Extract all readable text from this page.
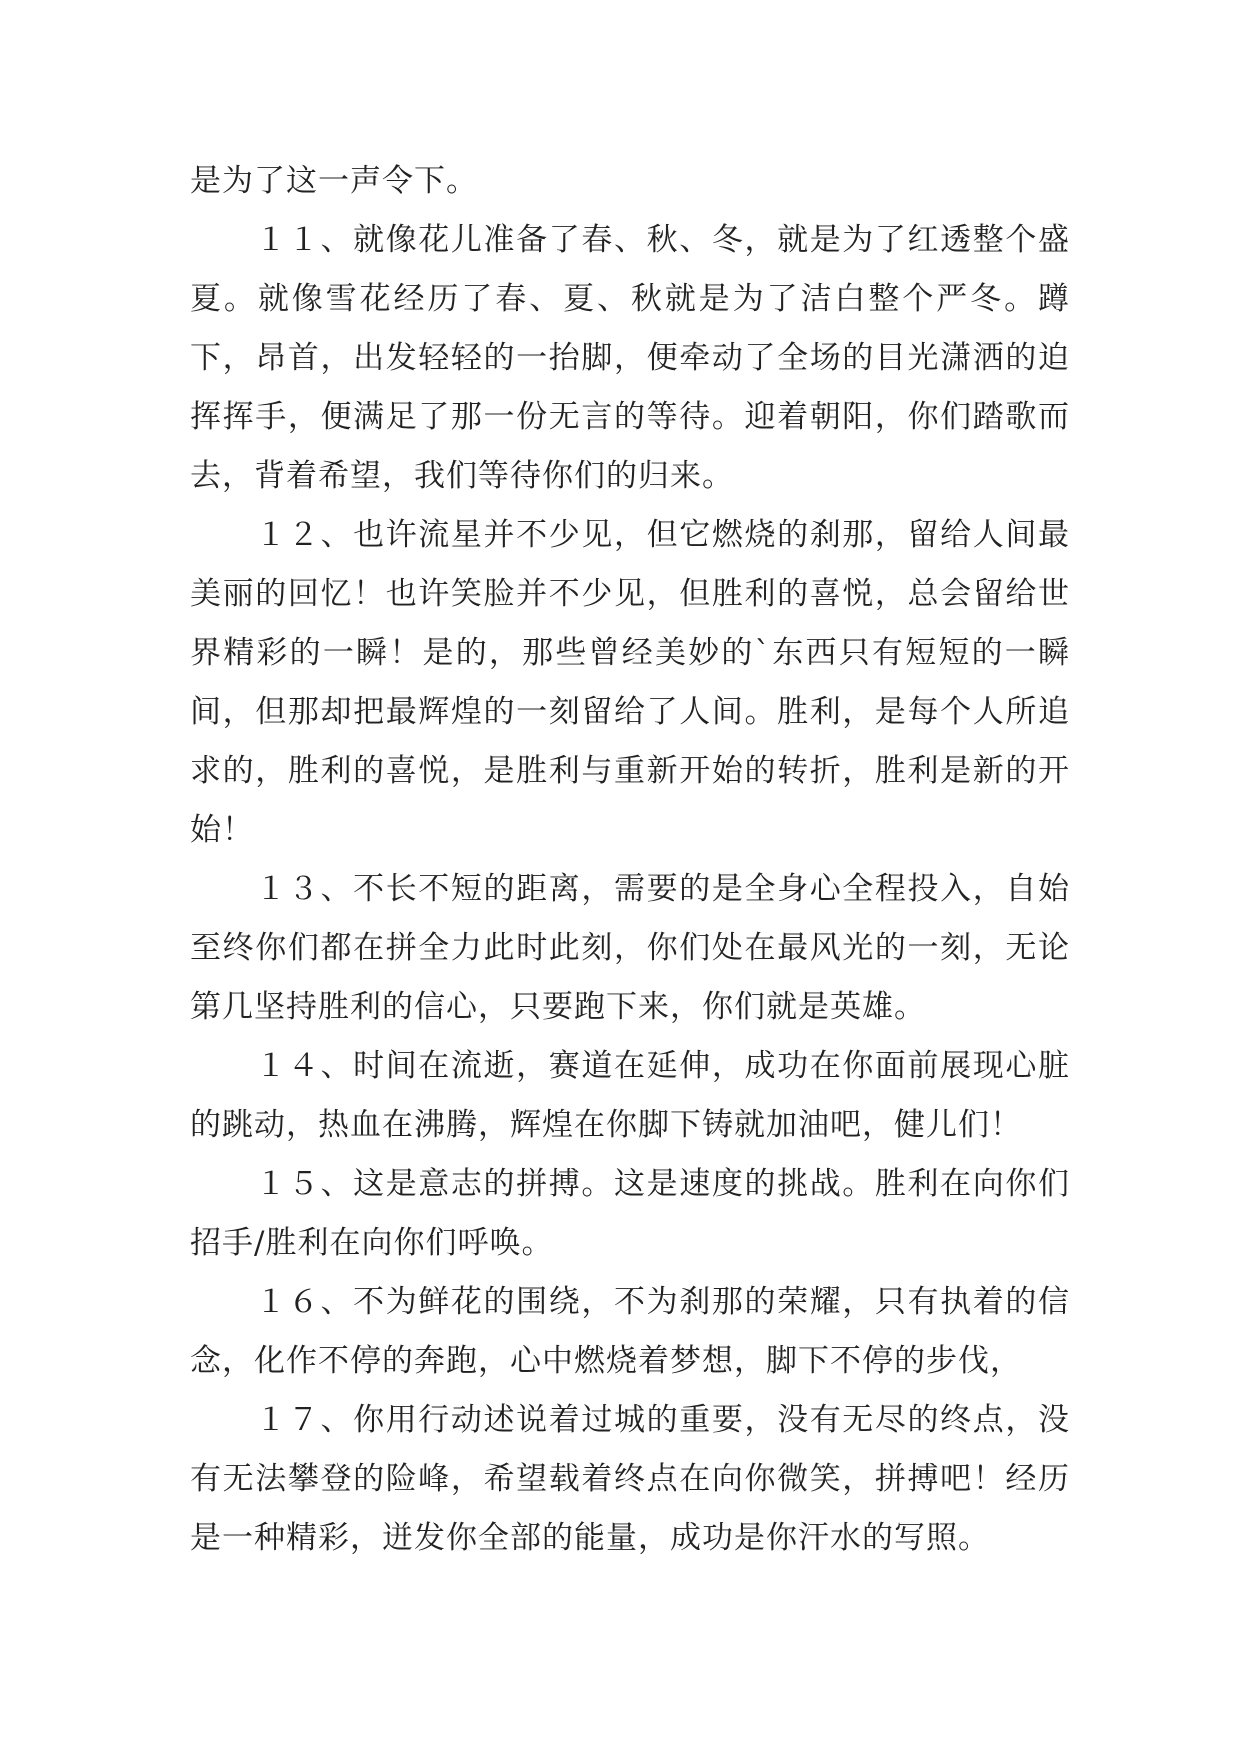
是为了这一声令下。

　　１１、就像花儿准备了春、秋、冬，就是为了红透整个盛夏。就像雪花经历了春、夏、秋就是为了洁白整个严冬。蹲下，昂首，出发轻轻的一抬脚，便牵动了全场的目光潇洒的迫挥挥手，便满足了那一份无言的等待。迎着朝阳，你们踏歌而去，背着希望，我们等待你们的归来。

　　１２、也许流星并不少见，但它燃烧的刹那，留给人间最美丽的回忆！也许笑脸并不少见，但胜利的喜悦，总会留给世界精彩的一瞬！是的，那些曾经美妙的`东西只有短短的一瞬间，但那却把最辉煌的一刻留给了人间。胜利，是每个人所追求的，胜利的喜悦，是胜利与重新开始的转折，胜利是新的开始！

　　１３、不长不短的距离，需要的是全身心全程投入，自始至终你们都在拼全力此时此刻，你们处在最风光的一刻，无论第几坚持胜利的信心，只要跑下来，你们就是英雄。

　　１４、时间在流逝，赛道在延伸，成功在你面前展现心脏的跳动，热血在沸腾，辉煌在你脚下铸就加油吧，健儿们！

　　１５、这是意志的拼搏。这是速度的挑战。胜利在向你们招手/胜利在向你们呼唤。

　　１６、不为鲜花的围绕，不为刹那的荣耀，只有执着的信念，化作不停的奔跑，心中燃烧着梦想，脚下不停的步伐，

　　１７、你用行动述说着过城的重要，没有无尽的终点，没有无法攀登的险峰，希望载着终点在向你微笑，拼搏吧！经历是一种精彩，迸发你全部的能量，成功是你汗水的写照。
